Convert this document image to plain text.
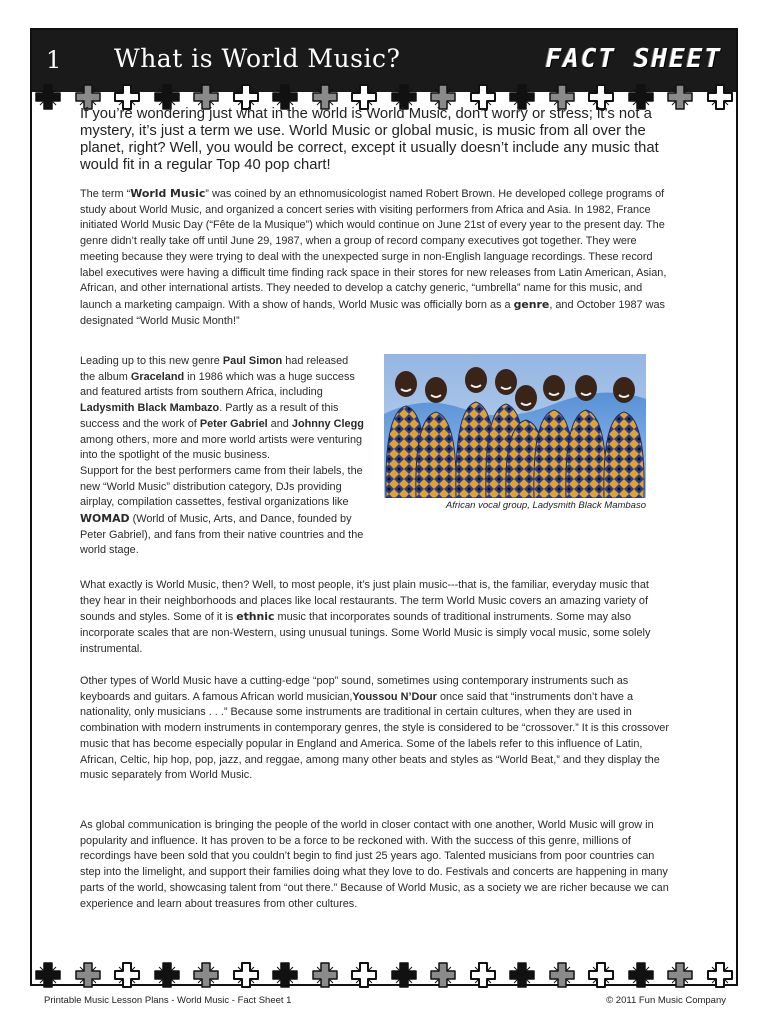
1 What is World Music?	FACT SHEET
If you’re wondering just what in the world is World Music, don’t worry or stress; it’s not a mystery, it’s just a term we use. World Music or global music, is music from all over the planet, right? Well, you would be correct, except it usually doesn’t include any music that would fit in a regular Top 40 pop chart!
The term “World Music” was coined by an ethnomusicologist named Robert Brown. He developed college programs of study about World Music, and organized a concert series with visiting performers from Africa and Asia. In 1982, France initiated World Music Day (“Fête de la Musique”) which would continue on June 21st of every year to the present day. The genre didn’t really take off until June 29, 1987, when a group of record company executives got together. They were meeting because they were trying to deal with the unexpected surge in non-English language recordings. These record label executives were having a difficult time finding rack space in their stores for new releases from Latin American, Asian, African, and other international artists. They needed to develop a catchy generic, “umbrella” name for this music, and launch a marketing campaign. With a show of hands, World Music was officially born as a genre, and October 1987 was designated “World Music Month!”
Leading up to this new genre Paul Simon had released the album Graceland in 1986 which was a huge success and featured artists from southern Africa, including Ladysmith Black Mambazo. Partly as a result of this success and the work of Peter Gabriel and Johnny Clegg among others, more and more world artists were venturing into the spotlight of the music business.
Support for the best performers came from their labels, the new “World Music” distribution category, DJs providing airplay, compilation cassettes, festival organizations like WOMAD (World of Music, Arts, and Dance, founded by Peter Gabriel), and fans from their native countries and the world stage.
African vocal group, Ladysmith Black Mambaso
What exactly is World Music, then? Well, to most people, it’s just plain music---that is, the familiar, everyday music that they hear in their neighborhoods and places like local restaurants. The term World Music covers an amazing variety of sounds and styles. Some of it is ethnic music that incorporates sounds of traditional instruments. Some may also incorporate scales that are non-Western, using unusual tunings. Some World Music is simply vocal music, some solely instrumental.
Other types of World Music have a cutting-edge “pop” sound, sometimes using contemporary instruments such as keyboards and guitars. A famous African world musician,Youssou N’Dour once said that “instruments don’t have a nationality, only musicians . . .” Because some instruments are traditional in certain cultures, when they are used in combination with modern instruments in contemporary genres, the style is considered to be “crossover.” It is this crossover music that has become especially popular in England and America. Some of the labels refer to this influence of Latin, African, Celtic, hip hop, pop, jazz, and reggae, among many other beats and styles as “World Beat,” and they display the music separately from World Music.
As global communication is bringing the people of the world in closer contact with one another, World Music will grow in popularity and influence. It has proven to be a force to be reckoned with. With the success of this genre, millions of recordings have been sold that you couldn’t begin to find just 25 years ago. Talented musicians from poor countries can step into the limelight, and support their families doing what they love to do. Festivals and concerts are happening in many parts of the world, showcasing talent from “out there.” Because of World Music, as a society we are richer because we can experience and learn about treasures from other cultures.
Printable Music Lesson Plans - World Music - Fact Sheet 1	© 2011 Fun Music Company
